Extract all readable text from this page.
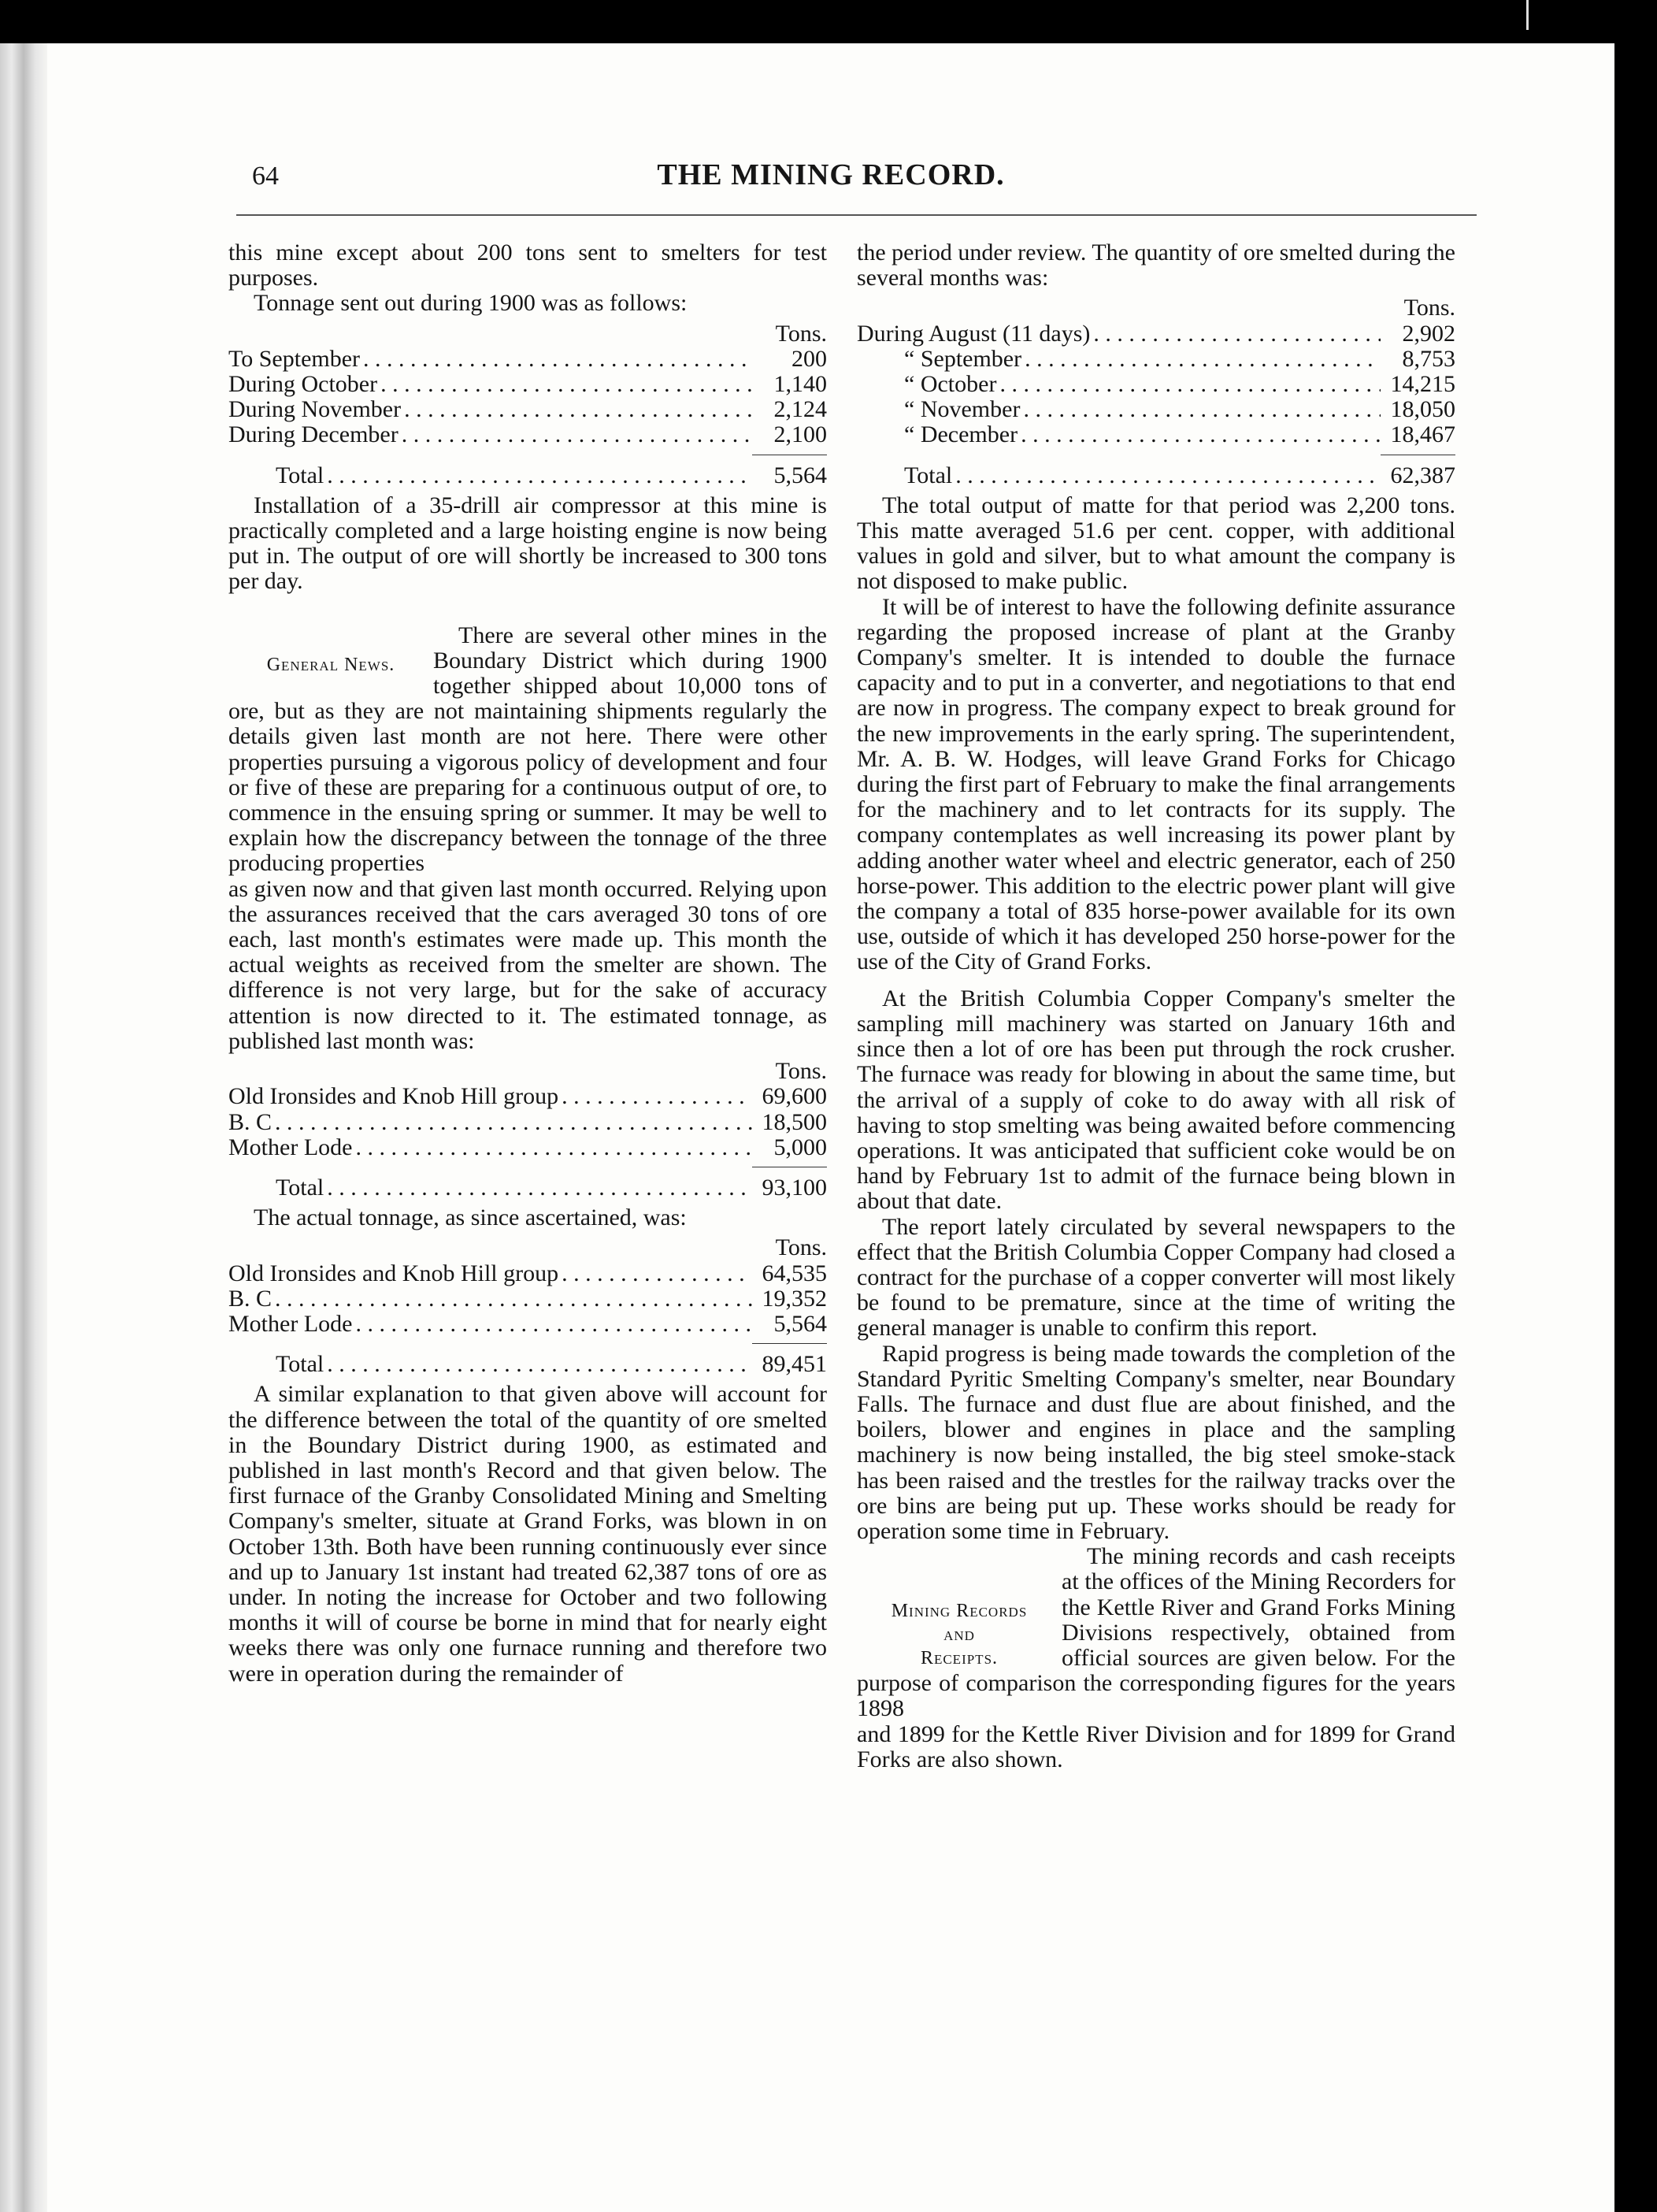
64	THE MINING RECORD.

this mine except about 200 tons sent to smelters for test purposes.

Tonnage sent out during 1900 was as follows:

Tons.
To September . . .	200
During October . . .	1,140
During November . . .	2,124
During December . . .	2,100
Total . . .	5,564

Installation of a 35-drill air compressor at this mine is practically completed and a large hoisting engine is now being put in. The output of ore will shortly be increased to 300 tons per day.

General News.

There are several other mines in the Boundary District which during 1900 together shipped about 10,000 tons of ore, but as they are not maintaining shipments regularly the details given last month are not here. There were other properties pursuing a vigorous policy of development and four or five of these are preparing for a continuous output of ore, to commence in the ensuing spring or summer. It may be well to explain how the discrepancy between the tonnage of the three producing properties

as given now and that given last month occurred. Relying upon the assurances received that the cars averaged 30 tons of ore each, last month's estimates were made up. This month the actual weights as received from the smelter are shown. The difference is not very large, but for the sake of accuracy attention is now directed to it. The estimated tonnage, as published last month was:

Tons.
Old Ironsides and Knob Hill group . . .	69,600
B. C . . .	18,500
Mother Lode . . .	5,000
Total . . .	93,100

The actual tonnage, as since ascertained, was:

Tons.
Old Ironsides and Knob Hill group . . .	64,535
B. C . . .	19,352
Mother Lode . . .	5,564
Total . . .	89,451

A similar explanation to that given above will account for the difference between the total of the quantity of ore smelted in the Boundary District during 1900, as estimated and published in last month's Record and that given below. The first furnace of the Granby Consolidated Mining and Smelting Company's smelter, situate at Grand Forks, was blown in on October 13th. Both have been running continuously ever since and up to January 1st instant had treated 62,387 tons of ore as under. In noting the increase for October and two following months it will of course be borne in mind that for nearly eight weeks there was only one furnace running and therefore two were in operation during the remainder of

the period under review. The quantity of ore smelted during the several months was:

Tons.
During August (11 days) . . .	2,902
“ September . . .	8,753
“ October . . .	14,215
“ November . . .	18,050
“ December . . .	18,467
Total . . .	62,387

The total output of matte for that period was 2,200 tons. This matte averaged 51.6 per cent. copper, with additional values in gold and silver, but to what amount the company is not disposed to make public.

It will be of interest to have the following definite assurance regarding the proposed increase of plant at the Granby Company's smelter. It is intended to double the furnace capacity and to put in a converter, and negotiations to that end are now in progress. The company expect to break ground for the new improvements in the early spring. The superintendent, Mr. A. B. W. Hodges, will leave Grand Forks for Chicago during the first part of February to make the final arrangements for the machinery and to let contracts for its supply. The company contemplates as well increasing its power plant by adding another water wheel and electric generator, each of 250 horse-power. This addition to the electric power plant will give the company a total of 835 horse-power available for its own use, outside of which it has developed 250 horse-power for the use of the City of Grand Forks.

At the British Columbia Copper Company's smelter the sampling mill machinery was started on January 16th and since then a lot of ore has been put through the rock crusher. The furnace was ready for blowing in about the same time, but the arrival of a supply of coke to do away with all risk of having to stop smelting was being awaited before commencing operations. It was anticipated that sufficient coke would be on hand by February 1st to admit of the furnace being blown in about that date.

The report lately circulated by several newspapers to the effect that the British Columbia Copper Company had closed a contract for the purchase of a copper converter will most likely be found to be premature, since at the time of writing the general manager is unable to confirm this report.

Rapid progress is being made towards the completion of the Standard Pyritic Smelting Company's smelter, near Boundary Falls. The furnace and dust flue are about finished, and the boilers, blower and engines in place and the sampling machinery is now being installed, the big steel smoke-stack has been raised and the trestles for the railway tracks over the ore bins are being put up. These works should be ready for operation some time in February.

Mining Records

and

Receipts.

The mining records and cash receipts at the offices of the Mining Recorders for the Kettle River and Grand Forks Mining Divisions respectively, obtained from official sources are given below. For the purpose of comparison the corresponding figures for the years 1898

and 1899 for the Kettle River Division and for 1899 for Grand Forks are also shown.
